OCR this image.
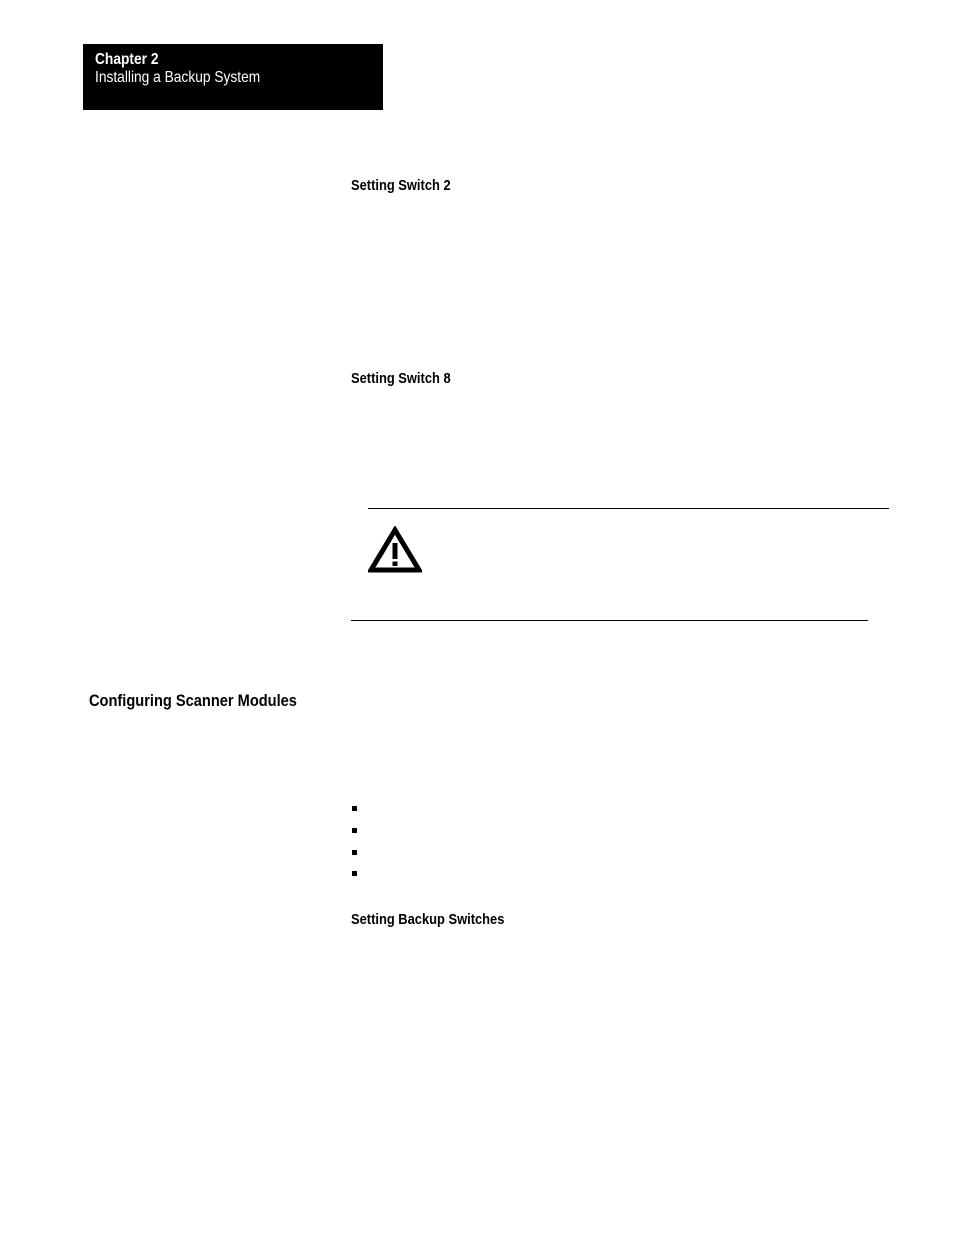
Chapter 2
Installing a Backup System
Setting Switch 2
Setting Switch 8
Configuring Scanner Modules
Setting Backup Switches
